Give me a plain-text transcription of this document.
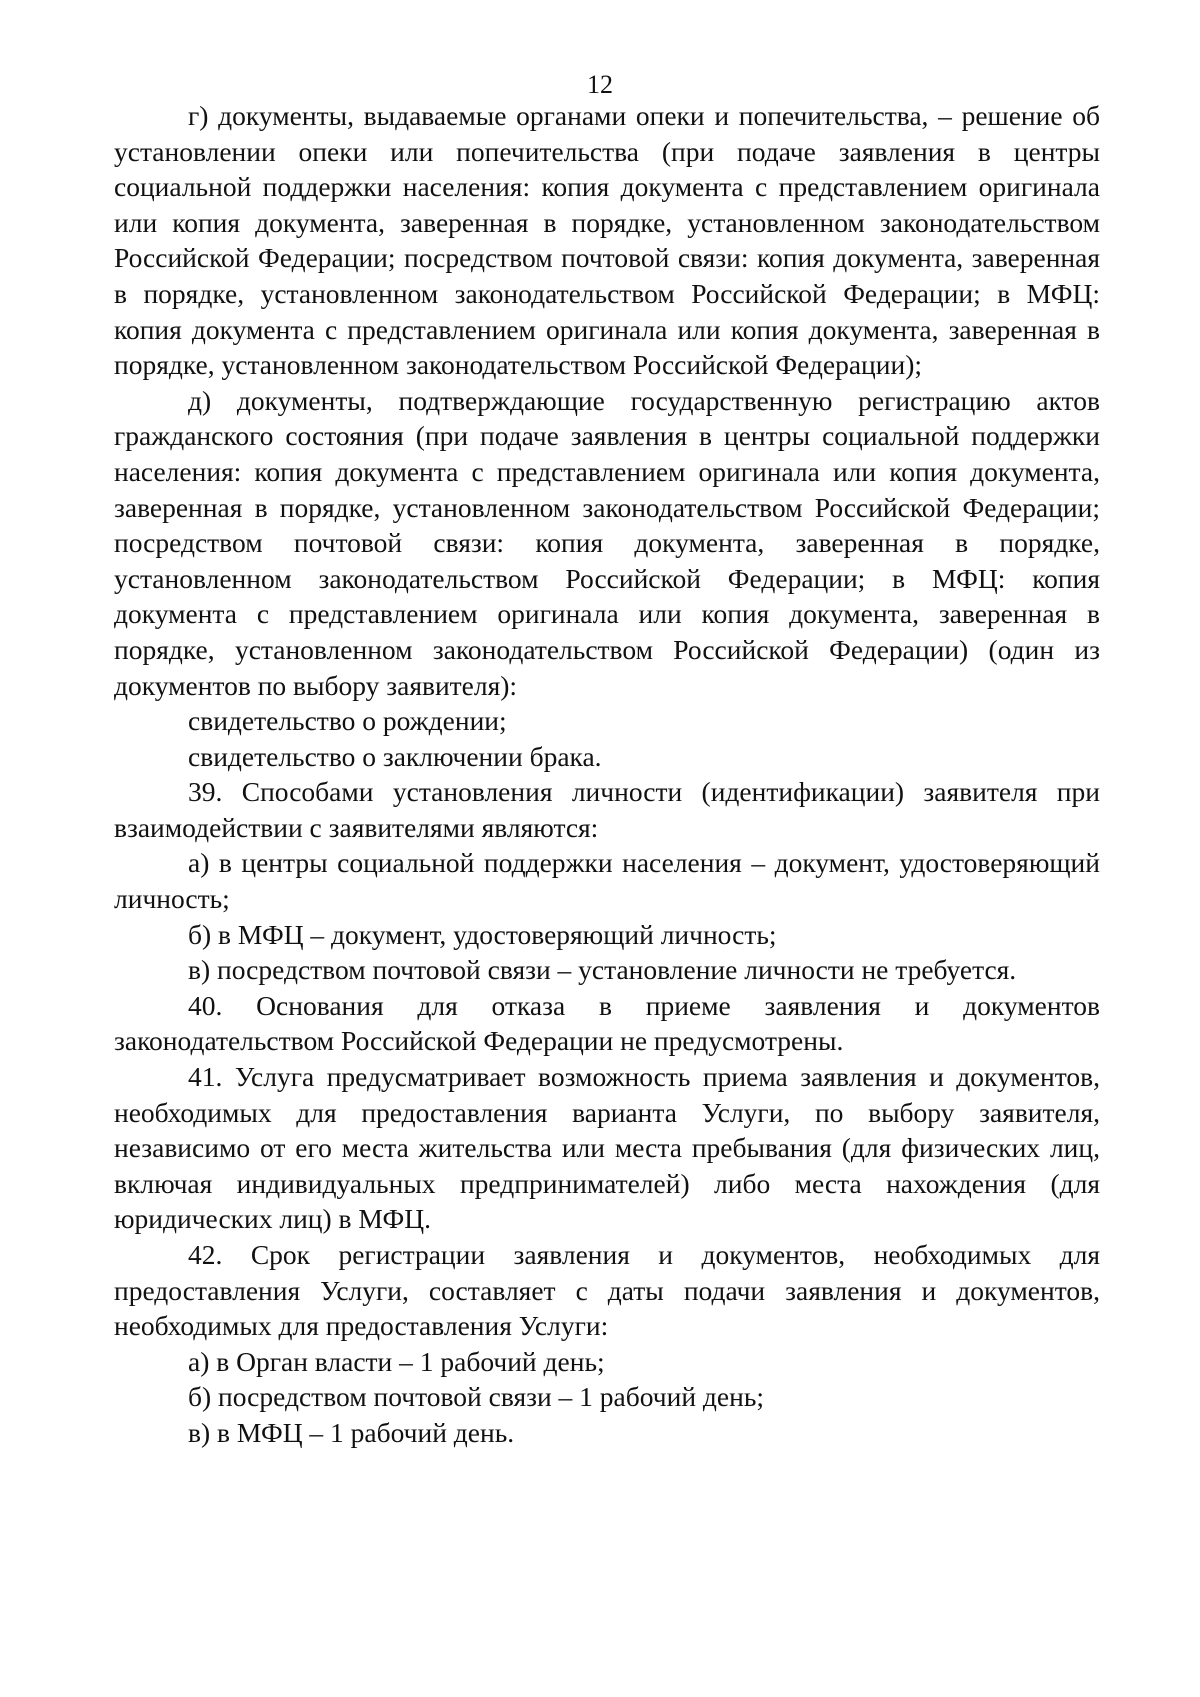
12

г) документы, выдаваемые органами опеки и попечительства, – решение об установлении опеки или попечительства (при подаче заявления в центры социальной поддержки населения: копия документа с представлением оригинала или копия документа, заверенная в порядке, установленном законодательством Российской Федерации; посредством почтовой связи: копия документа, заверенная в порядке, установленном законодательством Российской Федерации; в МФЦ: копия документа с представлением оригинала или копия документа, заверенная в порядке, установленном законодательством Российской Федерации);

д) документы, подтверждающие государственную регистрацию актов гражданского состояния (при подаче заявления в центры социальной поддержки населения: копия документа с представлением оригинала или копия документа, заверенная в порядке, установленном законодательством Российской Федерации; посредством почтовой связи: копия документа, заверенная в порядке, установленном законодательством Российской Федерации; в МФЦ: копия документа с представлением оригинала или копия документа, заверенная в порядке, установленном законодательством Российской Федерации) (один из документов по выбору заявителя):

свидетельство о рождении;

свидетельство о заключении брака.

39. Способами установления личности (идентификации) заявителя при взаимодействии с заявителями являются:

а) в центры социальной поддержки населения – документ, удостоверяющий личность;

б) в МФЦ – документ, удостоверяющий личность;

в) посредством почтовой связи – установление личности не требуется.

40. Основания для отказа в приеме заявления и документов законодательством Российской Федерации не предусмотрены.

41. Услуга предусматривает возможность приема заявления и документов, необходимых для предоставления варианта Услуги, по выбору заявителя, независимо от его места жительства или места пребывания (для физических лиц, включая индивидуальных предпринимателей) либо места нахождения (для юридических лиц) в МФЦ.

42. Срок регистрации заявления и документов, необходимых для предоставления Услуги, составляет с даты подачи заявления и документов, необходимых для предоставления Услуги:

а) в Орган власти – 1 рабочий день;

б) посредством почтовой связи – 1 рабочий день;

в) в МФЦ – 1 рабочий день.
